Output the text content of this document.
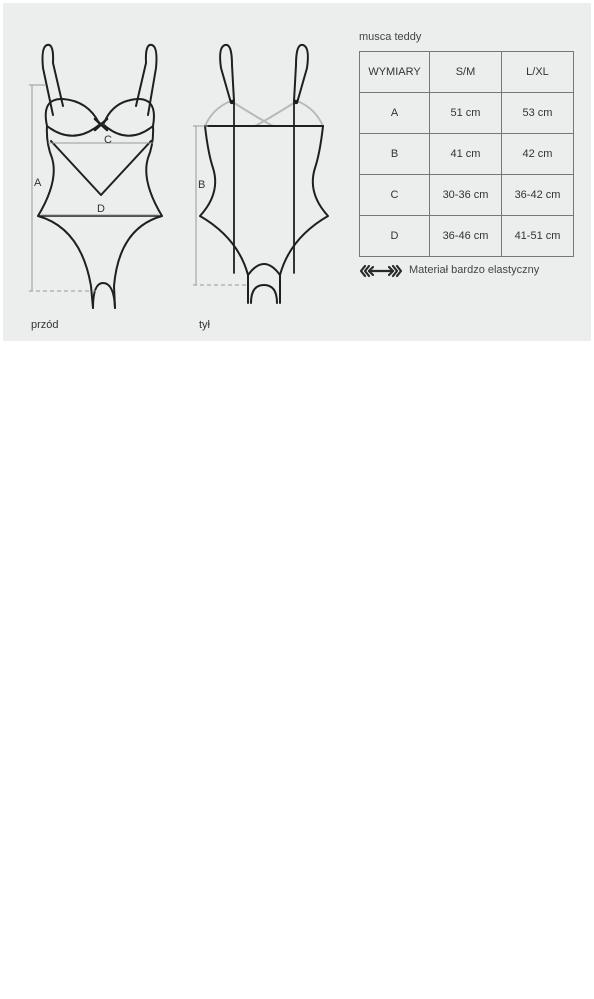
A
C
D
B
przód	tył
musca teddy
WYMIARY	S/M	L/XL
A	51 cm	53 cm
B	41 cm	42 cm
C	30-36 cm	36-42 cm
D	36-46 cm	41-51 cm
Materiał bardzo elastyczny
